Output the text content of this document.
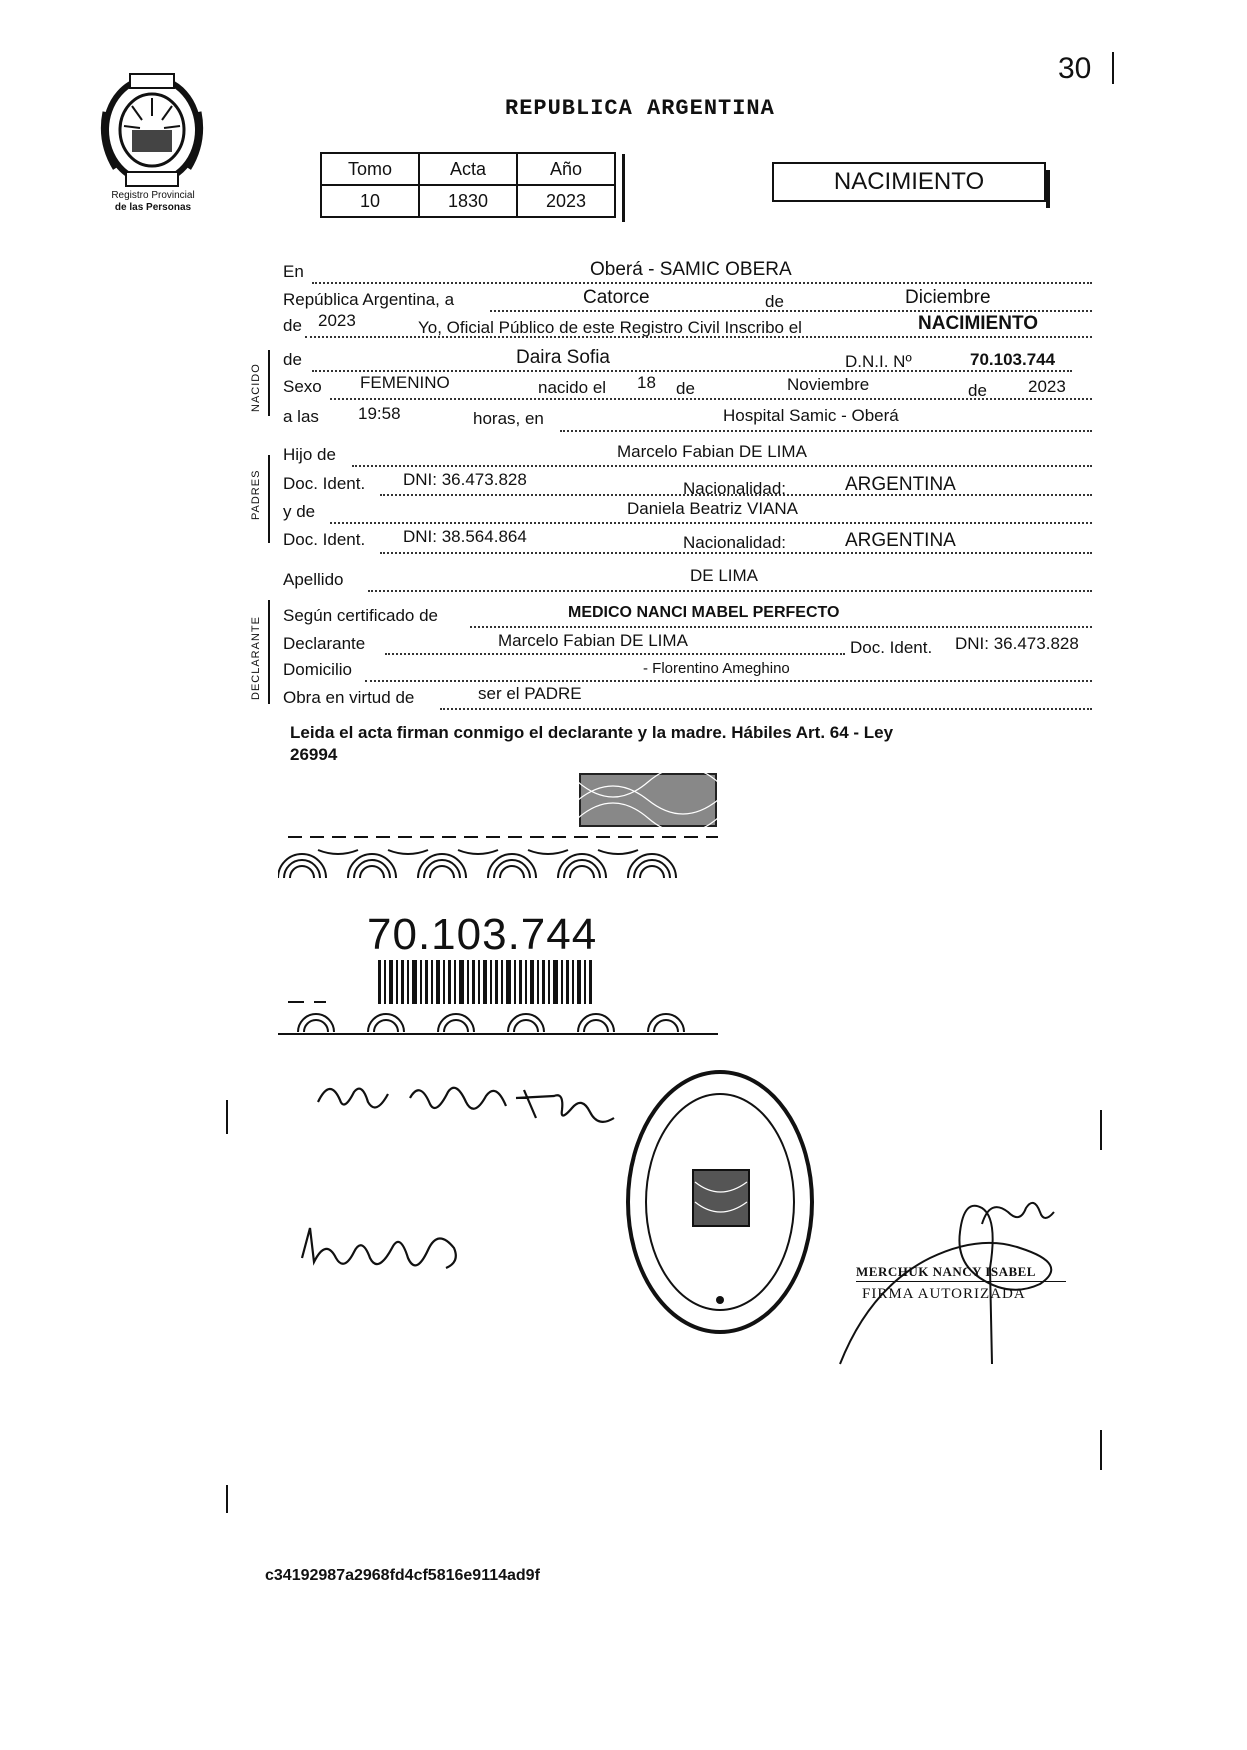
30
Registro Provincial
de las Personas
REPUBLICA ARGENTINA
Tomo	Acta	Año
10	1830	2023
NACIMIENTO
NACIDO
PADRES
DECLARANTE
En	Oberá - SAMIC OBERA
República Argentina, a	Catorce	de	Diciembre
de 2023	Yo, Oficial Público de este Registro Civil Inscribo el	NACIMIENTO
de	Daira Sofia	D.N.I. Nº	70.103.744
Sexo FEMENINO	nacido el 18 de	Noviembre	de 2023
a las 19:58	horas, en	Hospital Samic - Oberá
Hijo de	Marcelo Fabian DE LIMA
Doc. Ident. DNI: 36.473.828	Nacionalidad:	ARGENTINA
y de	Daniela Beatriz VIANA
Doc. Ident. DNI: 38.564.864	Nacionalidad:	ARGENTINA
Apellido	DE LIMA
Según certificado de	MEDICO NANCI MABEL PERFECTO
Declarante	Marcelo Fabian DE LIMA	Doc. Ident. DNI: 36.473.828
Domicilio	- Florentino Ameghino
Obra en virtud de	ser el PADRE
Leida el acta firman conmigo el declarante y la madre. Hábiles Art. 64 - Ley
26994
70.103.744
MERCHUK NANCY ISABEL
FIRMA AUTORIZADA
c34192987a2968fd4cf5816e9114ad9f
